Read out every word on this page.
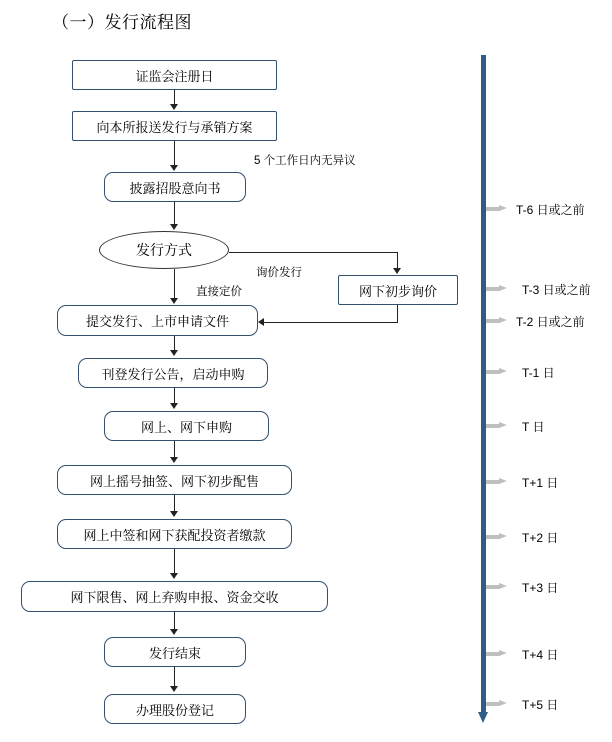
（一）发行流程图
证监会注册日
向本所报送发行与承销方案
披露招股意向书
发行方式
网下初步询价
提交发行、上市申请文件
刊登发行公告，启动申购
网上、网下申购
网上摇号抽签、网下初步配售
网上中签和网下获配投资者缴款
网下限售、网上弃购申报、资金交收
发行结束
办理股份登记
5 个工作日内无异议
询价发行
直接定价
T-6 日或之前
T-3 日或之前
T-2 日或之前
T-1 日
T 日
T+1 日
T+2 日
T+3 日
T+4 日
T+5 日
